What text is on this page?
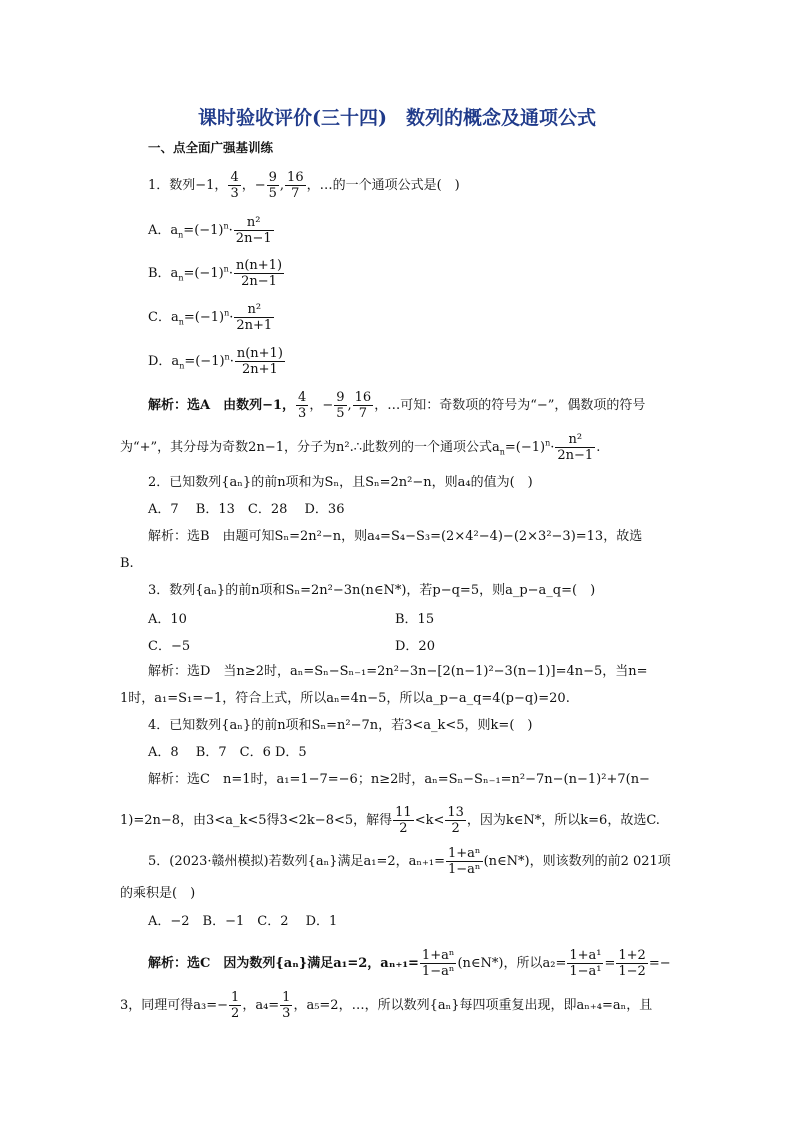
课时验收评价(三十四)　数列的概念及通项公式
一、点全面广强基训练
1．数列−1， $\frac{4}{3}$ ，− $\frac{9}{5}$ , $\frac{16}{7}$ ，…的一个通项公式是(　)
A．$a_n=(-1)^n\cdot \frac{\text{n²}}{2n-1}$
B．$a_n=(-1)^n\cdot \frac{n(n+1)}{2n-1}$
C．$a_n=(-1)^n\cdot \frac{\text{n²}}{2n+1}$
D．$a_n=(-1)^n\cdot \frac{n(n+1)}{2n+1}$
解析：选A　由数列−1， $\frac{4}{3}$ ，− $\frac{9}{5}$ , $\frac{16}{7}$ ，…可知：奇数项的符号为“−”，偶数项的符号
为“+”，其分母为奇数2n−1，分子为n².∴此数列的一个通项公式$a_n=(-1)^n\cdot \frac{\text{n²}}{2n-1}$ .
2．已知数列{aₙ}的前n项和为Sₙ，且Sₙ=2n²−n，则a₄的值为(　)
A．7　 B．13　C．28　 D．36
解析：选B　由题可知Sₙ=2n²−n，则a₄=S₄−S₃=(2×4²−4)−(2×3²−3)=13，故选
B.
3．数列{aₙ}的前n项和Sₙ=2n²−3n(n∈N*)，若p−q=5，则a_p−a_q=(　)
A．10	B．15
C．−5	D．20
解析：选D　当n≥2时，aₙ=Sₙ−Sₙ₋₁=2n²−3n−[2(n−1)²−3(n−1)]=4n−5，当n=
1时，a₁=S₁=−1，符合上式，所以aₙ=4n−5，所以a_p−a_q=4(p−q)=20.
4．已知数列{aₙ}的前n项和Sₙ=n²−7n，若3<a_k<5，则k=(　)
A．8　 B．7　C．6 D．5
解析：选C　n=1时，a₁=1−7=−6；n≥2时，aₙ=Sₙ−Sₙ₋₁=n²−7n−(n−1)²+7(n−
1)=2n−8，由3<a_k<5得3<2k−8<5，解得 $\frac{11}{2} <k< \frac{13}{2}$ ，因为k∈N*，所以k=6，故选C.
5．(2023·赣州模拟)若数列{aₙ}满足a₁=2，$a_{n+1}= \frac{\text{1+aⁿ}}{\text{1−aⁿ}}$ (n∈N*)，则该数列的前2 021项
的乘积是(　)
A．−2　B．−1　C．2　 D．1
解析：选C　因为数列{aₙ}满足a₁=2，$a_{n+1}= \frac{\text{1+aⁿ}}{\text{1−aⁿ}}$ (n∈N*)，所以$a_2= \frac{\text{1+a¹}}{\text{1−a¹}} = \frac{1+2}{1-2}$ =−
3，同理可得$a_3=- \frac{1}{2}$ ，$a_4= \frac{1}{3}$ ，a₅=2，…，所以数列{aₙ}每四项重复出现，即aₙ₊₄=aₙ，且
